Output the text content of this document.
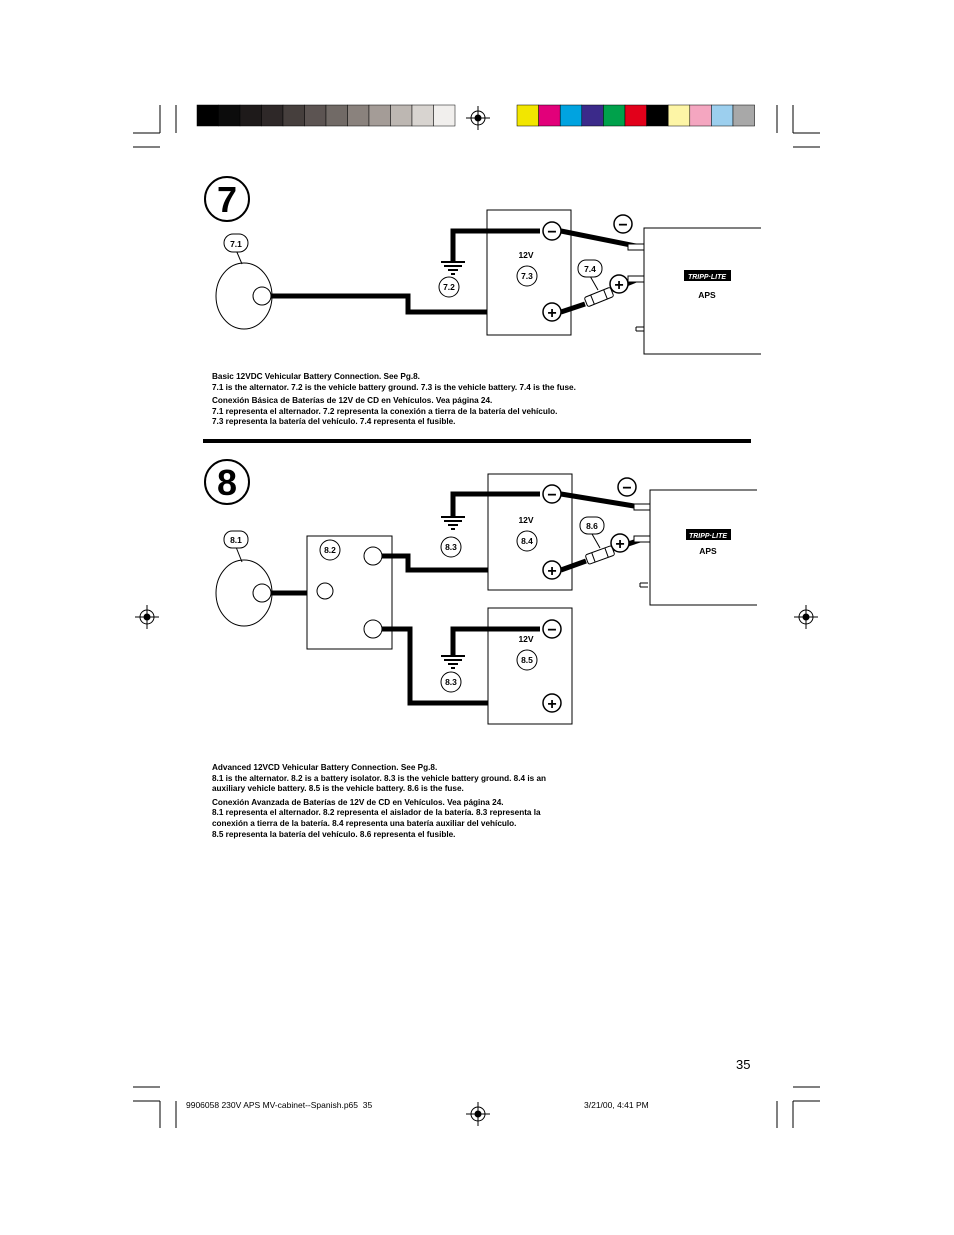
7
7.1
12V
7.3
7.2
−
+
7.4
−
+	TRIPP·LITE
APS

Basic 12VDC Vehicular Battery Connection. See Pg.8.
7.1 is the alternator. 7.2 is the vehicle battery ground. 7.3 is the vehicle battery. 7.4 is the fuse.

Conexión Básica de Baterías de 12V de CD en Vehículos. Vea página 24.
7.1 representa el alternador. 7.2 representa la conexión a tierra de la batería del vehículo.
7.3 representa la batería del vehículo. 7.4 representa el fusible.

8
8.1
8.2
12V
8.4
8.3
−
+
8.6
−
+	TRIPP·LITE
APS
12V
8.5
8.3
−
+

Advanced 12VCD Vehicular Battery Connection. See Pg.8.
8.1 is the alternator. 8.2 is a battery isolator. 8.3 is the vehicle battery ground. 8.4 is an
auxiliary vehicle battery. 8.5 is the vehicle battery. 8.6 is the fuse.

Conexión Avanzada de Baterías de 12V de CD en Vehículos. Vea página 24.
8.1 representa el alternador. 8.2 representa el aislador de la batería. 8.3 representa la
conexión a tierra de la batería. 8.4 representa una batería auxiliar del vehículo.
8.5 representa la batería del vehículo. 8.6 representa el fusible.

35
9906058 230V APS MV-cabinet--Spanish.p65 35	3/21/00, 4:41 PM
